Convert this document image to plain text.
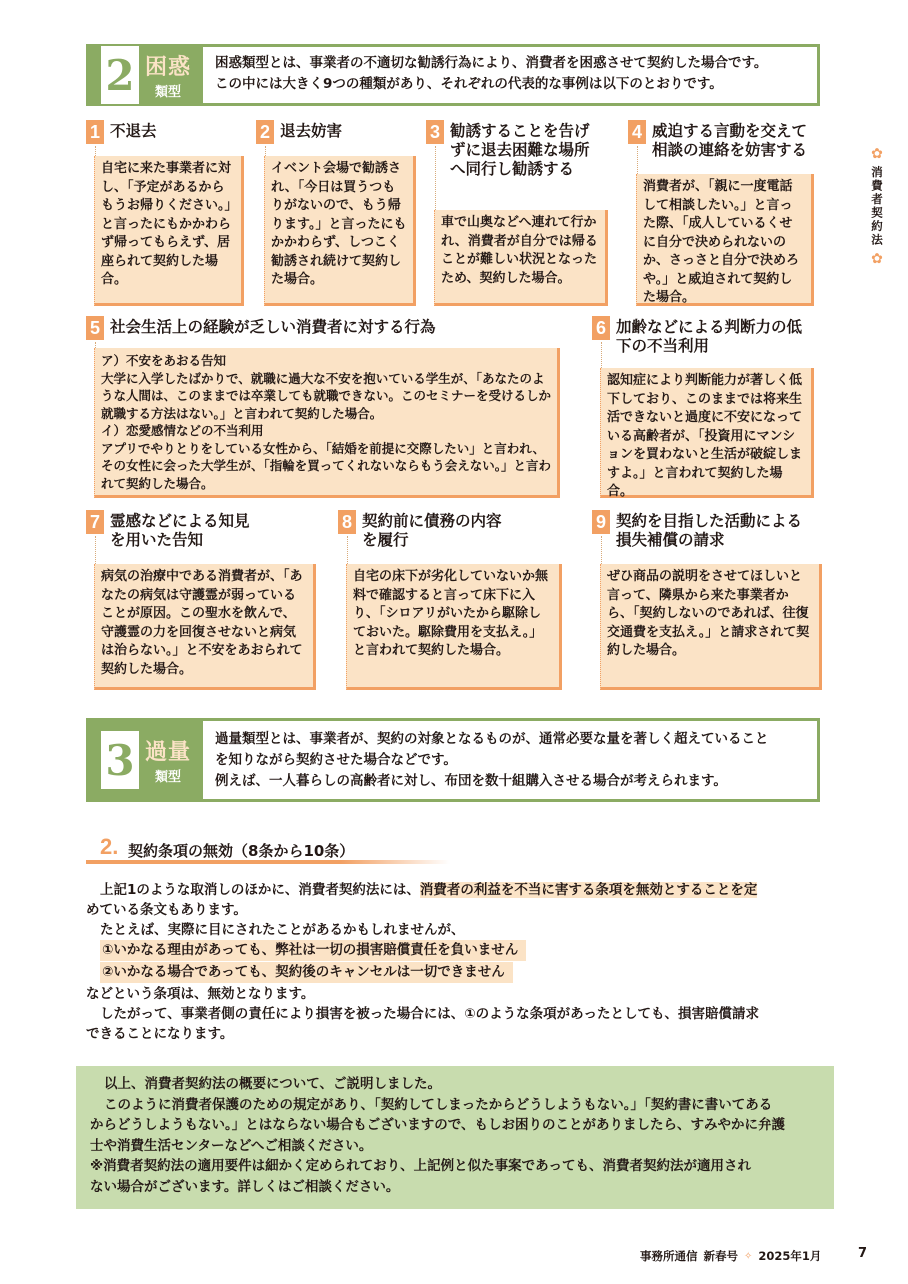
2 困惑
類型
困惑類型とは、事業者の不適切な勧誘行為により、消費者を困惑させて契約した場合です。
この中には大きく9つの種類があり、それぞれの代表的な事例は以下のとおりです。
1 不退去
自宅に来た事業者に対し、「予定があるからもうお帰りください。」と言ったにもかかわらず帰ってもらえず、居座られて契約した場合。
2 退去妨害
イベント会場で勧誘され、「今日は買うつもりがないので、もう帰ります。」と言ったにもかかわらず、しつこく勧誘され続けて契約した場合。
3 勧誘することを告げずに退去困難な場所へ同行し勧誘する
車で山奥などへ連れて行かれ、消費者が自分では帰ることが難しい状況となったため、契約した場合。
4 威迫する言動を交えて相談の連絡を妨害する
消費者が、「親に一度電話して相談したい。」と言った際、「成人しているくせに自分で決められないのか、さっさと自分で決めろや。」と威迫されて契約した場合。
5 社会生活上の経験が乏しい消費者に対する行為
ア）不安をあおる告知
大学に入学したばかりで、就職に過大な不安を抱いている学生が、「あなたのような人間は、このままでは卒業しても就職できない。このセミナーを受けるしか就職する方法はない。」と言われて契約した場合。
イ）恋愛感情などの不当利用
アプリでやりとりをしている女性から、「結婚を前提に交際したい」と言われ、その女性に会った大学生が、「指輪を買ってくれないならもう会えない。」と言われて契約した場合。
6 加齢などによる判断力の低下の不当利用
認知症により判断能力が著しく低下しており、このままでは将来生活できないと過度に不安になっている高齢者が、「投資用にマンションを買わないと生活が破綻しますよ。」と言われて契約した場合。
7 霊感などによる知見を用いた告知
病気の治療中である消費者が、「あなたの病気は守護霊が弱っていることが原因。この聖水を飲んで、守護霊の力を回復させないと病気は治らない。」と不安をあおられて契約した場合。
8 契約前に債務の内容を履行
自宅の床下が劣化していないか無料で確認すると言って床下に入り、「シロアリがいたから駆除しておいた。駆除費用を支払え。」と言われて契約した場合。
9 契約を目指した活動による損失補償の請求
ぜひ商品の説明をさせてほしいと言って、隣県から来た事業者から、「契約しないのであれば、往復交通費を支払え。」と請求されて契約した場合。
3 過量
類型
過量類型とは、事業者が、契約の対象となるものが、通常必要な量を著しく超えていること
を知りながら契約させた場合などです。
例えば、一人暮らしの高齢者に対し、布団を数十組購入させる場合が考えられます。
2. 契約条項の無効（8条から10条）
上記1のような取消しのほかに、消費者契約法には、消費者の利益を不当に害する条項を無効とすることを定
めている条文もあります。
たとえば、実際に目にされたことがあるかもしれませんが、
①いかなる理由があっても、弊社は一切の損害賠償責任を負いません
②いかなる場合であっても、契約後のキャンセルは一切できません
などという条項は、無効となります。
したがって、事業者側の責任により損害を被った場合には、①のような条項があったとしても、損害賠償請求
できることになります。
以上、消費者契約法の概要について、ご説明しました。
このように消費者保護のための規定があり、「契約してしまったからどうしようもない。」「契約書に書いてある
からどうしようもない。」とはならない場合もございますので、もしお困りのことがありましたら、すみやかに弁護
士や消費生活センターなどへご相談ください。
※消費者契約法の適用要件は細かく定められており、上記例と似た事案であっても、消費者契約法が適用され
ない場合がございます。詳しくはご相談ください。
✿
消費者契約法
✿
事務所通信 新春号 ✧ 2025年1月	7
